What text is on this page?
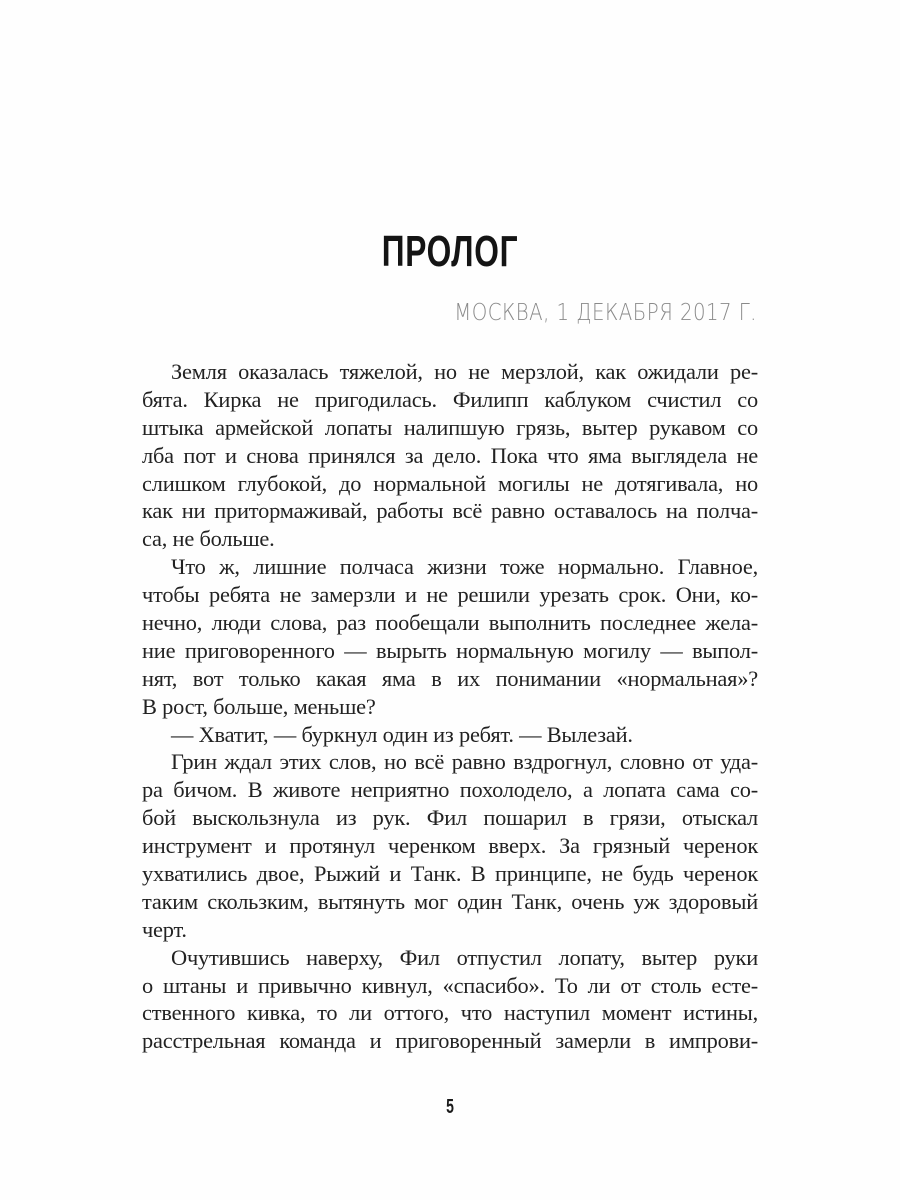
ПРОЛОГ
МОСКВА, 1 ДЕКАБРЯ 2017 Г.
Земля оказалась тяжелой, но не мерзлой, как ожидали ре-
бята. Кирка не пригодилась. Филипп каблуком счистил со
штыка армейской лопаты налипшую грязь, вытер рукавом со
лба пот и снова принялся за дело. Пока что яма выглядела не
слишком глубокой, до нормальной могилы не дотягивала, но
как ни притормаживай, работы всё равно оставалось на полча-
са, не больше.
Что ж, лишние полчаса жизни тоже нормально. Главное,
чтобы ребята не замерзли и не решили урезать срок. Они, ко-
нечно, люди слова, раз пообещали выполнить последнее жела-
ние приговоренного — вырыть нормальную могилу — выпол-
нят, вот только какая яма в их понимании «нормальная»?
В рост, больше, меньше?
— Хватит, — буркнул один из ребят. — Вылезай.
Грин ждал этих слов, но всё равно вздрогнул, словно от уда-
ра бичом. В животе неприятно похолодело, а лопата сама со-
бой выскользнула из рук. Фил пошарил в грязи, отыскал
инструмент и протянул черенком вверх. За грязный черенок
ухватились двое, Рыжий и Танк. В принципе, не будь черенок
таким скользким, вытянуть мог один Танк, очень уж здоровый
черт.
Очутившись наверху, Фил отпустил лопату, вытер руки
о штаны и привычно кивнул, «спасибо». То ли от столь есте-
ственного кивка, то ли оттого, что наступил момент истины,
расстрельная команда и приговоренный замерли в импрови-
5
